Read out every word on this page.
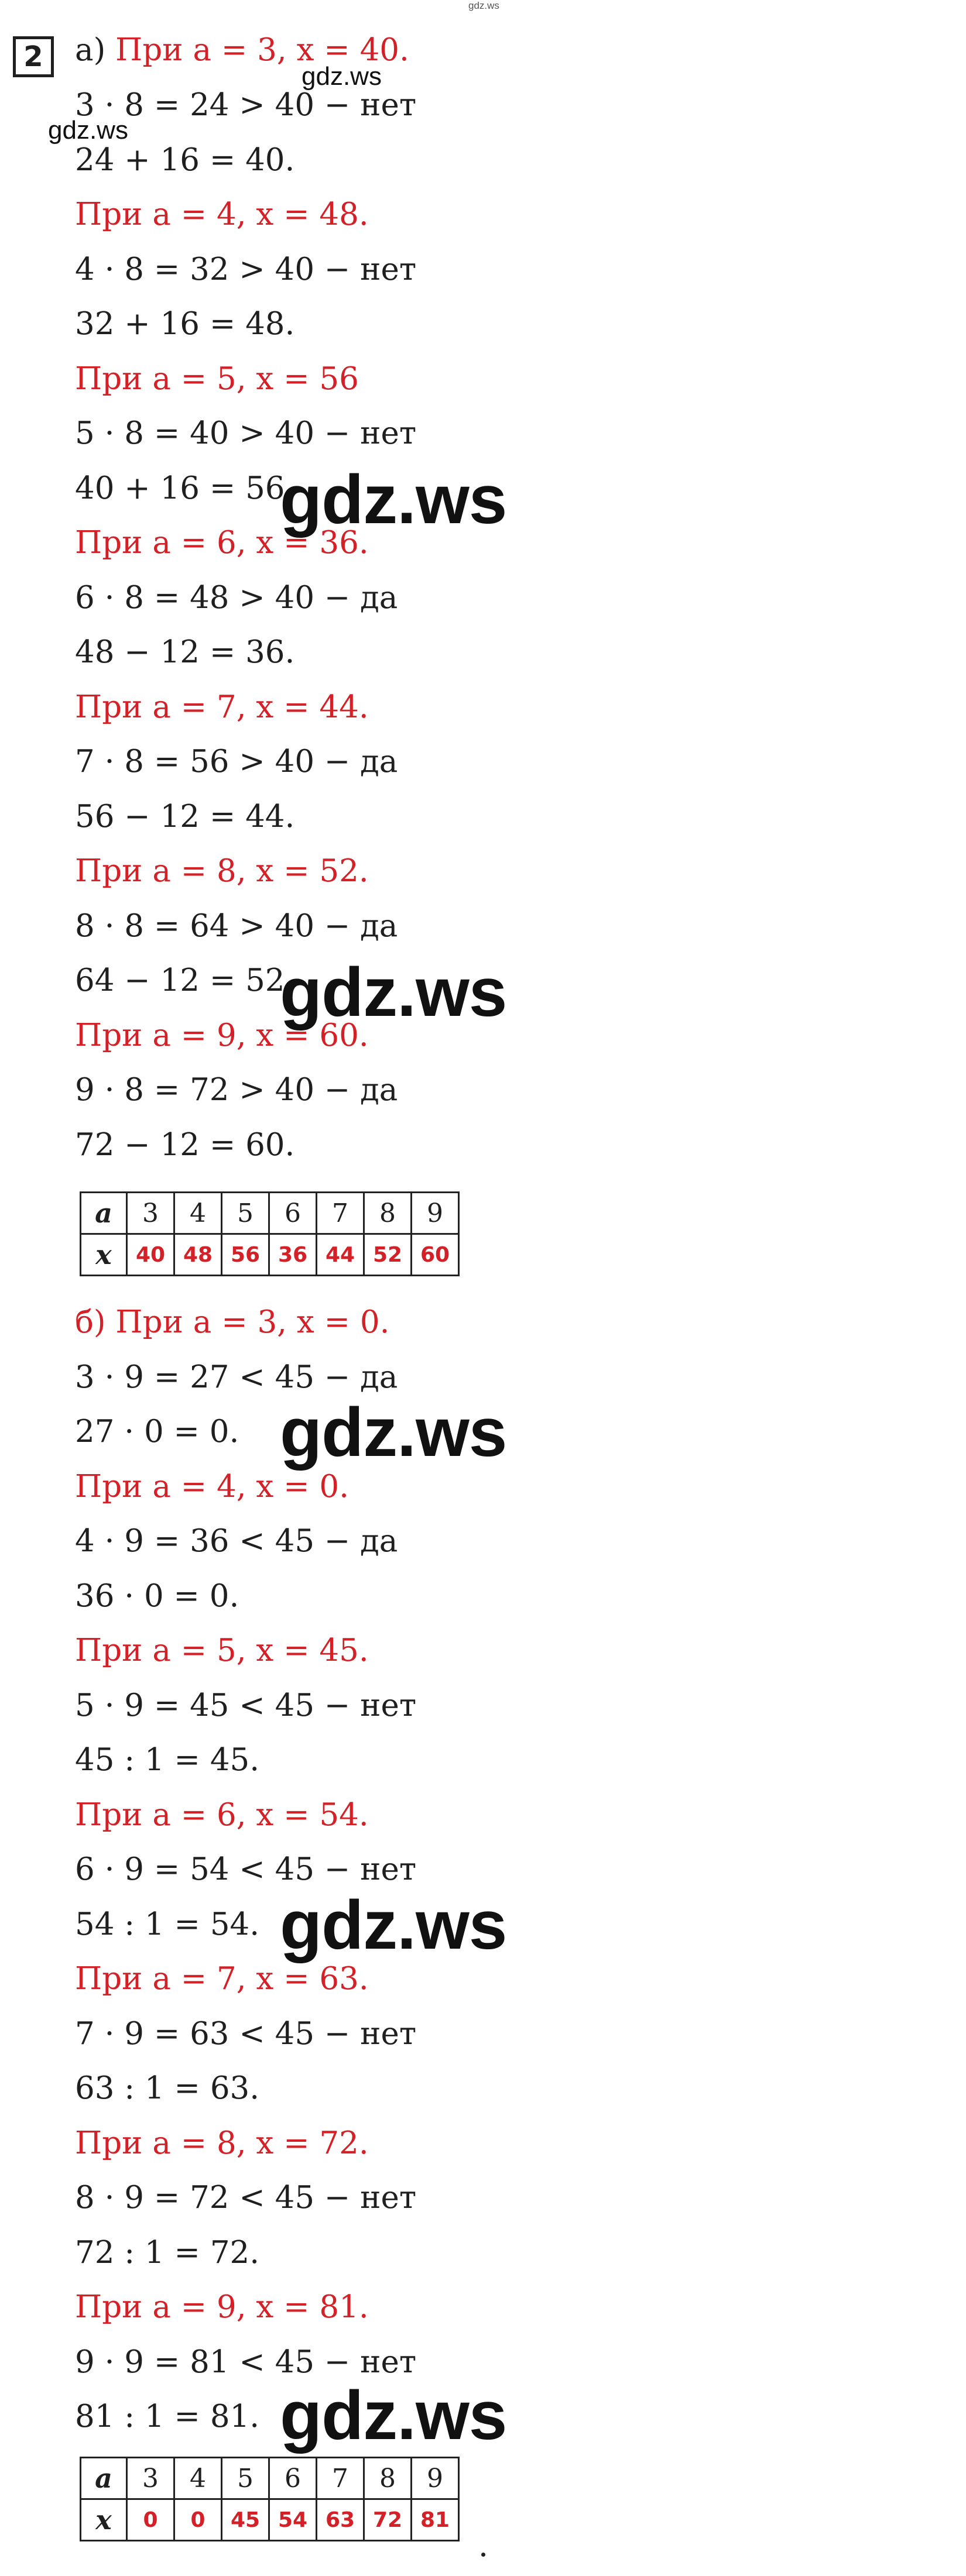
gdz.ws
2	а) При a = 3, x = 40.
3 · 8 = 24 > 40 − нет
24 + 16 = 40.
При a = 4, x = 48.
4 · 8 = 32 > 40 − нет
32 + 16 = 48.
При a = 5, x = 56
5 · 8 = 40 > 40 − нет
40 + 16 = 56.
При a = 6, x = 36.
6 · 8 = 48 > 40 − да
48 − 12 = 36.
При a = 7, x = 44.
7 · 8 = 56 > 40 − да
56 − 12 = 44.
При a = 8, x = 52.
8 · 8 = 64 > 40 − да
64 − 12 = 52.
При a = 9, x = 60.
9 · 8 = 72 > 40 − да
72 − 12 = 60.
a	3	4	5	6	7	8	9
x	40	48	56	36	44	52	60
б) При a = 3, x = 0.
3 · 9 = 27 < 45 − да
27 · 0 = 0.
При a = 4, x = 0.
4 · 9 = 36 < 45 − да
36 · 0 = 0.
При a = 5, x = 45.
5 · 9 = 45 < 45 − нет
45 : 1 = 45.
При a = 6, x = 54.
6 · 9 = 54 < 45 − нет
54 : 1 = 54.
При a = 7, x = 63.
7 · 9 = 63 < 45 − нет
63 : 1 = 63.
При a = 8, x = 72.
8 · 9 = 72 < 45 − нет
72 : 1 = 72.
При a = 9, x = 81.
9 · 9 = 81 < 45 − нет
81 : 1 = 81.
a	3	4	5	6	7	8	9
x	0	0	45	54	63	72	81
gdz.ws
gdz.ws
gdz.ws
gdz.ws
gdz.ws
gdz.ws
gdz.ws
